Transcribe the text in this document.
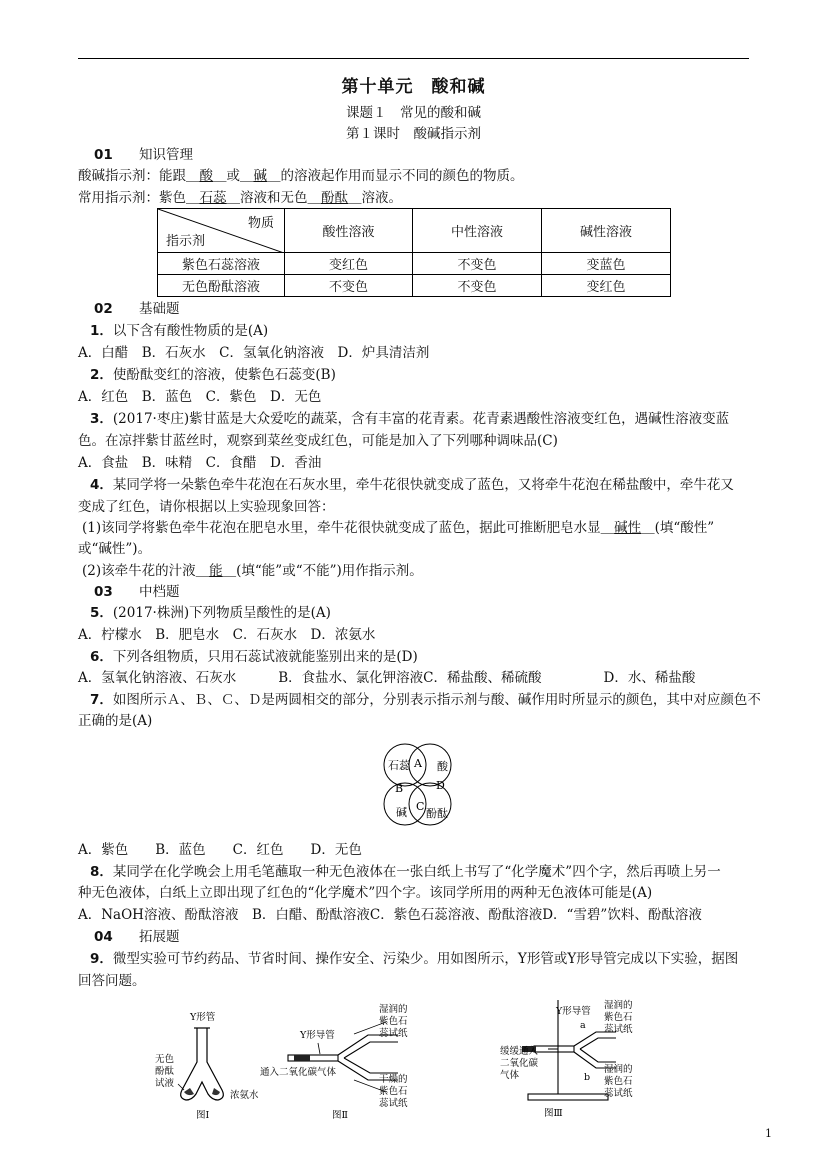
第十单元　酸和碱
课题１　常见的酸和碱
第１课时　酸碱指示剂
01 知识管理
酸碱指示剂：能跟＿酸＿或＿碱＿的溶液起作用而显示不同的颜色的物质。
常用指示剂：紫色＿石蕊＿溶液和无色＿酚酞＿溶液。
物质
指示剂	酸性溶液	中性溶液	碱性溶液
紫色石蕊溶液	变红色	不变色	变蓝色
无色酚酞溶液	不变色	不变色	变红色
02 基础题
1．以下含有酸性物质的是(A)
A．白醋　B．石灰水　C．氢氧化钠溶液　D．炉具清洁剂
2．使酚酞变红的溶液，使紫色石蕊变(B)
A．红色　B．蓝色　C．紫色　D．无色
3．(2017·枣庄)紫甘蓝是大众爱吃的蔬菜，含有丰富的花青素。花青素遇酸性溶液变红色，遇碱性溶液变蓝
色。在凉拌紫甘蓝丝时，观察到菜丝变成红色，可能是加入了下列哪种调味品(C)
A．食盐　B．味精　C．食醋　D．香油
4．某同学将一朵紫色牵牛花泡在石灰水里，牵牛花很快就变成了蓝色，又将牵牛花泡在稀盐酸中，牵牛花又
变成了红色，请你根据以上实验现象回答：
(1)该同学将紫色牵牛花泡在肥皂水里，牵牛花很快就变成了蓝色，据此可推断肥皂水显＿碱性＿(填“酸性”
或“碱性”)。
(2)该牵牛花的汁液＿能＿(填“能”或“不能”)用作指示剂。
03 中档题
5．(2017·株洲)下列物质呈酸性的是(A)
A．柠檬水　B．肥皂水　C．石灰水　D．浓氨水
6．下列各组物质，只用石蕊试液就能鉴别出来的是(D)
A．氢氧化钠溶液、石灰水	B．食盐水、氯化钾溶液C．稀盐酸、稀硫酸	D．水、稀盐酸
7．如图所示Ａ、Ｂ、Ｃ、Ｄ是两圆相交的部分，分别表示指示剂与酸、碱作用时所显示的颜色，其中对应颜色不
正确的是(A)
石蕊 酸
碱 酚酞
A
B
C
D
A．紫色　　B．蓝色　　C．红色　　D．无色
8．某同学在化学晚会上用毛笔蘸取一种无色液体在一张白纸上书写了“化学魔术”四个字，然后再喷上另一
种无色液体，白纸上立即出现了红色的“化学魔术”四个字。该同学所用的两种无色液体可能是(A)
A．NaOH溶液、酚酞溶液　B．白醋、酚酞溶液C．紫色石蕊溶液、酚酞溶液D．“雪碧”饮料、酚酞溶液
04 拓展题
9．微型实验可节约药品、节省时间、操作安全、污染少。用如图所示，Y形管或Y形导管完成以下实验，据图
回答问题。
Y形管
无色
酚酞
试液
浓氨水
图Ⅰ
Y形导管
通入二氧化碳气体
湿润的
紫色石
蕊试纸
干燥的
紫色石
蕊试纸
图Ⅱ
Y形导管
缓缓通入
二氧化碳
气体
a
b
湿润的
紫色石
蕊试纸
湿润的
紫色石
蕊试纸
图Ⅲ
1
